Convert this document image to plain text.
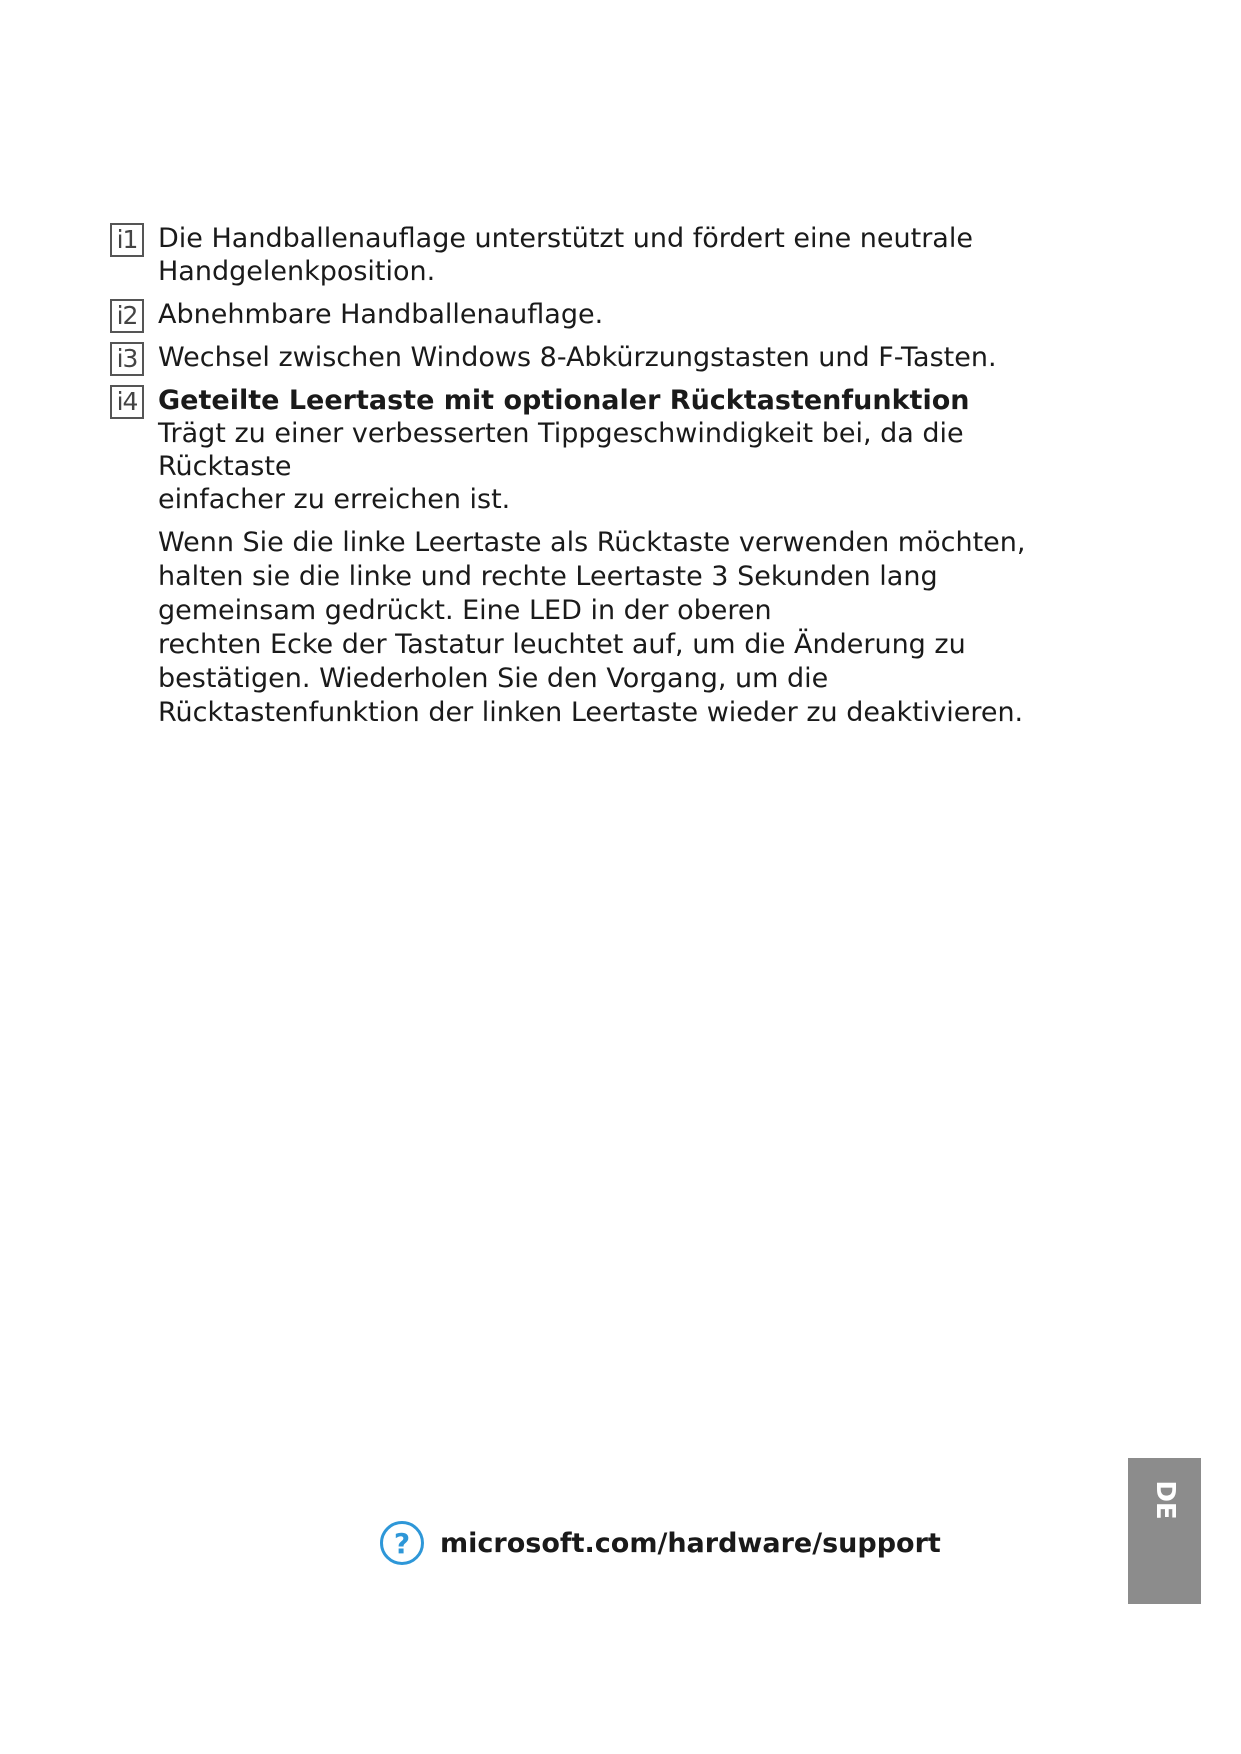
i1 Die Handballenauflage unterstützt und fördert eine neutrale
Handgelenkposition.
i2 Abnehmbare Handballenauflage.
i3 Wechsel zwischen Windows 8-Abkürzungstasten und F-Tasten.
i4 Geteilte Leertaste mit optionaler Rücktastenfunktion
Trägt zu einer verbesserten Tippgeschwindigkeit bei, da die Rücktaste
einfacher zu erreichen ist.
Wenn Sie die linke Leertaste als Rücktaste verwenden möchten,
halten sie die linke und rechte Leertaste 3 Sekunden lang
gemeinsam gedrückt. Eine LED in der oberen
rechten Ecke der Tastatur leuchtet auf, um die Änderung zu
bestätigen. Wiederholen Sie den Vorgang, um die
Rücktastenfunktion der linken Leertaste wieder zu deaktivieren.
?	microsoft.com/hardware/support
DE
